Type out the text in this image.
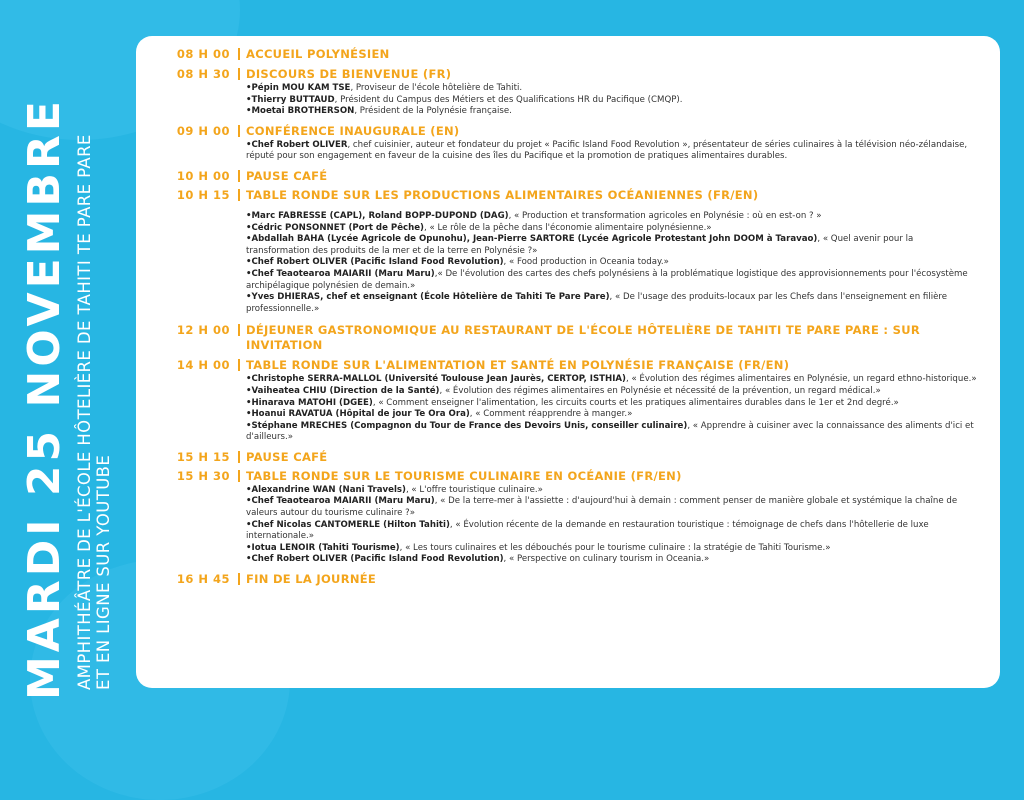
MARDI 25 NOVEMBRE AMPHITHÉÂTRE DE L'ÉCOLE HÔTELIÈRE DE TAHITI TE PARE PARE ET EN LIGNE SUR YOUTUBE
08 H 00 ACCUEIL POLYNÉSIEN
08 H 30 DISCOURS DE BIENVENUE (FR)
•Pépin MOU KAM TSE, Proviseur de l'école hôtelière de Tahiti.
•Thierry BUTTAUD, Président du Campus des Métiers et des Qualifications HR du Pacifique (CMQP).
•Moetai BROTHERSON, Président de la Polynésie française.
09 H 00 CONFÉRENCE INAUGURALE (EN)
•Chef Robert OLIVER, chef cuisinier, auteur et fondateur du projet « Pacific Island Food Revolution », présentateur de séries culinaires à la télévision néo-zélandaise, réputé pour son engagement en faveur de la cuisine des îles du Pacifique et la promotion de pratiques alimentaires durables.
10 H 00 PAUSE CAFÉ
10 H 15 TABLE RONDE SUR LES PRODUCTIONS ALIMENTAIRES OCÉANIENNES (FR/EN)
•Marc FABRESSE (CAPL), Roland BOPP-DUPOND (DAG), « Production et transformation agricoles en Polynésie : où en est-on ? »
•Cédric PONSONNET (Port de Pêche), « Le rôle de la pêche dans l'économie alimentaire polynésienne.»
•Abdallah BAHA (Lycée Agricole de Opunohu), Jean-Pierre SARTORE (Lycée Agricole Protestant John DOOM à Taravao), « Quel avenir pour la transformation des produits de la mer et de la terre en Polynésie ?»
•Chef Robert OLIVER (Pacific Island Food Revolution), « Food production in Oceania today.»
•Chef Teaotearoa MAIARII (Maru Maru),« De l'évolution des cartes des chefs polynésiens à la problématique logistique des approvisionnements pour l'écosystème archipélagique polynésien de demain.»
•Yves DHIERAS, chef et enseignant (École Hôtelière de Tahiti Te Pare Pare), « De l'usage des produits-locaux par les Chefs dans l'enseignement en filière professionnelle.»
12 H 00 DÉJEUNER GASTRONOMIQUE AU RESTAURANT DE L'ÉCOLE HÔTELIÈRE DE TAHITI TE PARE PARE : SUR INVITATION
14 H 00 TABLE RONDE SUR L'ALIMENTATION ET SANTÉ EN POLYNÉSIE FRANÇAISE (FR/EN)
•Christophe SERRA-MALLOL (Université Toulouse Jean Jaurès, CERTOP, ISTHIA), « Évolution des régimes alimentaires en Polynésie, un regard ethno-historique.»
•Vaiheatea CHIU (Direction de la Santé), « Évolution des régimes alimentaires en Polynésie et nécessité de la prévention, un regard médical.»
•Hinarava MATOHI (DGEE), « Comment enseigner l'alimentation, les circuits courts et les pratiques alimentaires durables dans le 1er et 2nd degré.»
•Hoanui RAVATUA (Hôpital de jour Te Ora Ora), « Comment réapprendre à manger.»
•Stéphane MRECHES (Compagnon du Tour de France des Devoirs Unis, conseiller culinaire), « Apprendre à cuisiner avec la connaissance des aliments d'ici et d'ailleurs.»
15 H 15 PAUSE CAFÉ
15 H 30 TABLE RONDE SUR LE TOURISME CULINAIRE EN OCÉANIE (FR/EN)
•Alexandrine WAN (Nani Travels), « L'offre touristique culinaire.»
•Chef Teaotearoa MAIARII (Maru Maru), « De la terre-mer à l'assiette : d'aujourd'hui à demain : comment penser de manière globale et systémique la chaîne de valeurs autour du tourisme culinaire ?»
•Chef Nicolas CANTOMERLE (Hilton Tahiti), « Évolution récente de la demande en restauration touristique : témoignage de chefs dans l'hôtellerie de luxe internationale.»
•Iotua LENOIR (Tahiti Tourisme), « Les tours culinaires et les débouchés pour le tourisme culinaire : la stratégie de Tahiti Tourisme.»
•Chef Robert OLIVER (Pacific Island Food Revolution), « Perspective on culinary tourism in Oceania.»
16 H 45 FIN DE LA JOURNÉE
